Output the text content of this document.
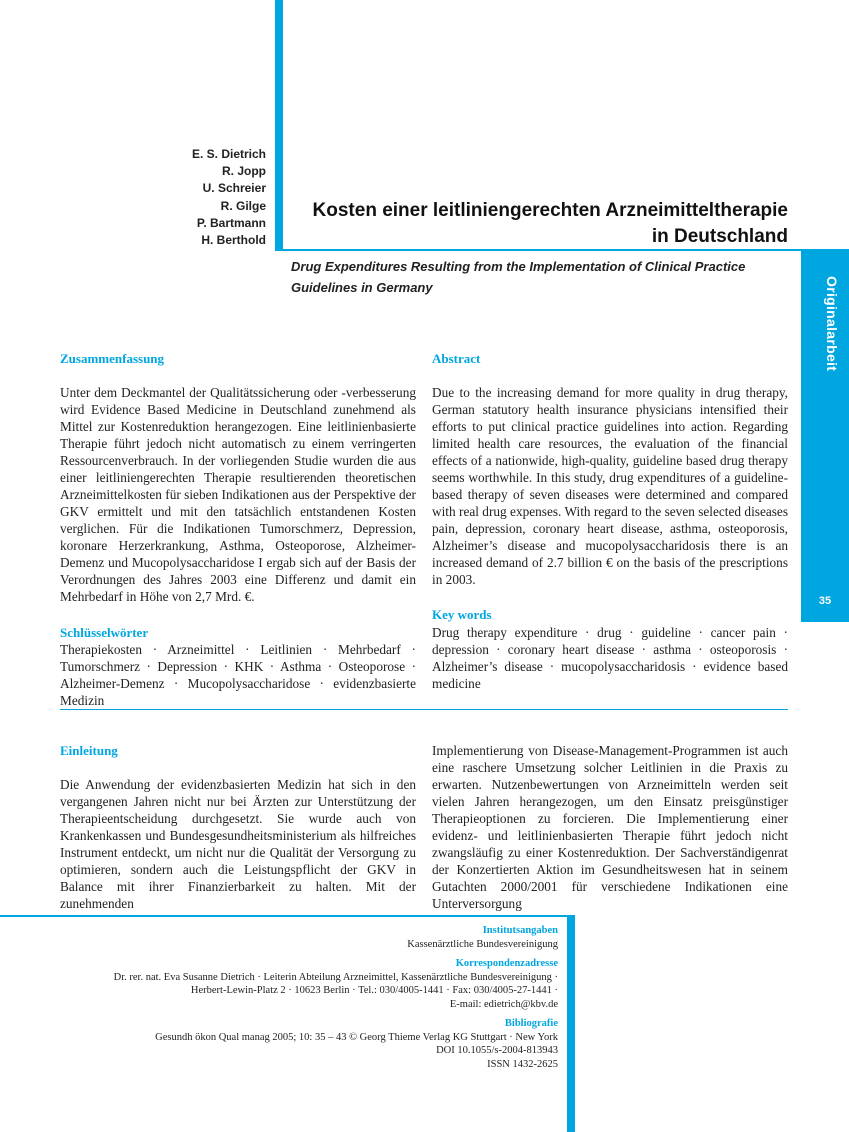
Originalarbeit
35
E. S. Dietrich
R. Jopp
U. Schreier
R. Gilge
P. Bartmann
H. Berthold
Kosten einer leitliniengerechten Arzneimitteltherapie
in Deutschland
Drug Expenditures Resulting from the Implementation of Clinical Practice
Guidelines in Germany
Zusammenfassung
Unter dem Deckmantel der Qualitätssicherung oder -verbesserung wird Evidence Based Medicine in Deutschland zunehmend als Mittel zur Kostenreduktion herangezogen. Eine leitlinienbasierte Therapie führt jedoch nicht automatisch zu einem verringerten Ressourcenverbrauch. In der vorliegenden Studie wurden die aus einer leitliniengerechten Therapie resultierenden theoretischen Arzneimittelkosten für sieben Indikationen aus der Perspektive der GKV ermittelt und mit den tatsächlich entstandenen Kosten verglichen. Für die Indikationen Tumorschmerz, Depression, koronare Herzerkrankung, Asthma, Osteoporose, Alzheimer-Demenz und Mucopolysaccharidose I ergab sich auf der Basis der Verordnungen des Jahres 2003 eine Differenz und damit ein Mehrbedarf in Höhe von 2,7 Mrd. €.
Schlüsselwörter
Therapiekosten · Arzneimittel · Leitlinien · Mehrbedarf · Tumorschmerz · Depression · KHK · Asthma · Osteoporose · Alzheimer-Demenz · Mucopolysaccharidose · evidenzbasierte Medizin
Abstract
Due to the increasing demand for more quality in drug therapy, German statutory health insurance physicians intensified their efforts to put clinical practice guidelines into action. Regarding limited health care resources, the evaluation of the financial effects of a nationwide, high-quality, guideline based drug therapy seems worthwhile. In this study, drug expenditures of a guideline-based therapy of seven diseases were determined and compared with real drug expenses. With regard to the seven selected diseases pain, depression, coronary heart disease, asthma, osteoporosis, Alzheimer’s disease and mucopolysaccharidosis there is an increased demand of 2.7 billion € on the basis of the prescriptions in 2003.
Key words
Drug therapy expenditure · drug · guideline · cancer pain · depression · coronary heart disease · asthma · osteoporosis · Alzheimer’s disease · mucopolysaccharidosis · evidence based medicine
Einleitung
Die Anwendung der evidenzbasierten Medizin hat sich in den vergangenen Jahren nicht nur bei Ärzten zur Unterstützung der Therapieentscheidung durchgesetzt. Sie wurde auch von Krankenkassen und Bundesgesundheitsministerium als hilfreiches Instrument entdeckt, um nicht nur die Qualität der Versorgung zu optimieren, sondern auch die Leistungspflicht der GKV in Balance mit ihrer Finanzierbarkeit zu halten. Mit der zunehmenden
Implementierung von Disease-Management-Programmen ist auch eine raschere Umsetzung solcher Leitlinien in die Praxis zu erwarten. Nutzenbewertungen von Arzneimitteln werden seit vielen Jahren herangezogen, um den Einsatz preisgünstiger Therapieoptionen zu forcieren. Die Implementierung einer evidenz- und leitlinienbasierten Therapie führt jedoch nicht zwangsläufig zu einer Kostenreduktion. Der Sachverständigenrat der Konzertierten Aktion im Gesundheitswesen hat in seinem Gutachten 2000/2001 für verschiedene Indikationen eine Unterversorgung
Institutsangaben
Kassenärztliche Bundesvereinigung
Korrespondenzadresse
Dr. rer. nat. Eva Susanne Dietrich · Leiterin Abteilung Arzneimittel, Kassenärztliche Bundesvereinigung ·
Herbert-Lewin-Platz 2 · 10623 Berlin · Tel.: 030/4005-1441 · Fax: 030/4005-27-1441 ·
E-mail: edietrich@kbv.de
Bibliografie
Gesundh ökon Qual manag 2005; 10: 35 – 43 © Georg Thieme Verlag KG Stuttgart · New York
DOI 10.1055/s-2004-813943
ISSN 1432-2625
